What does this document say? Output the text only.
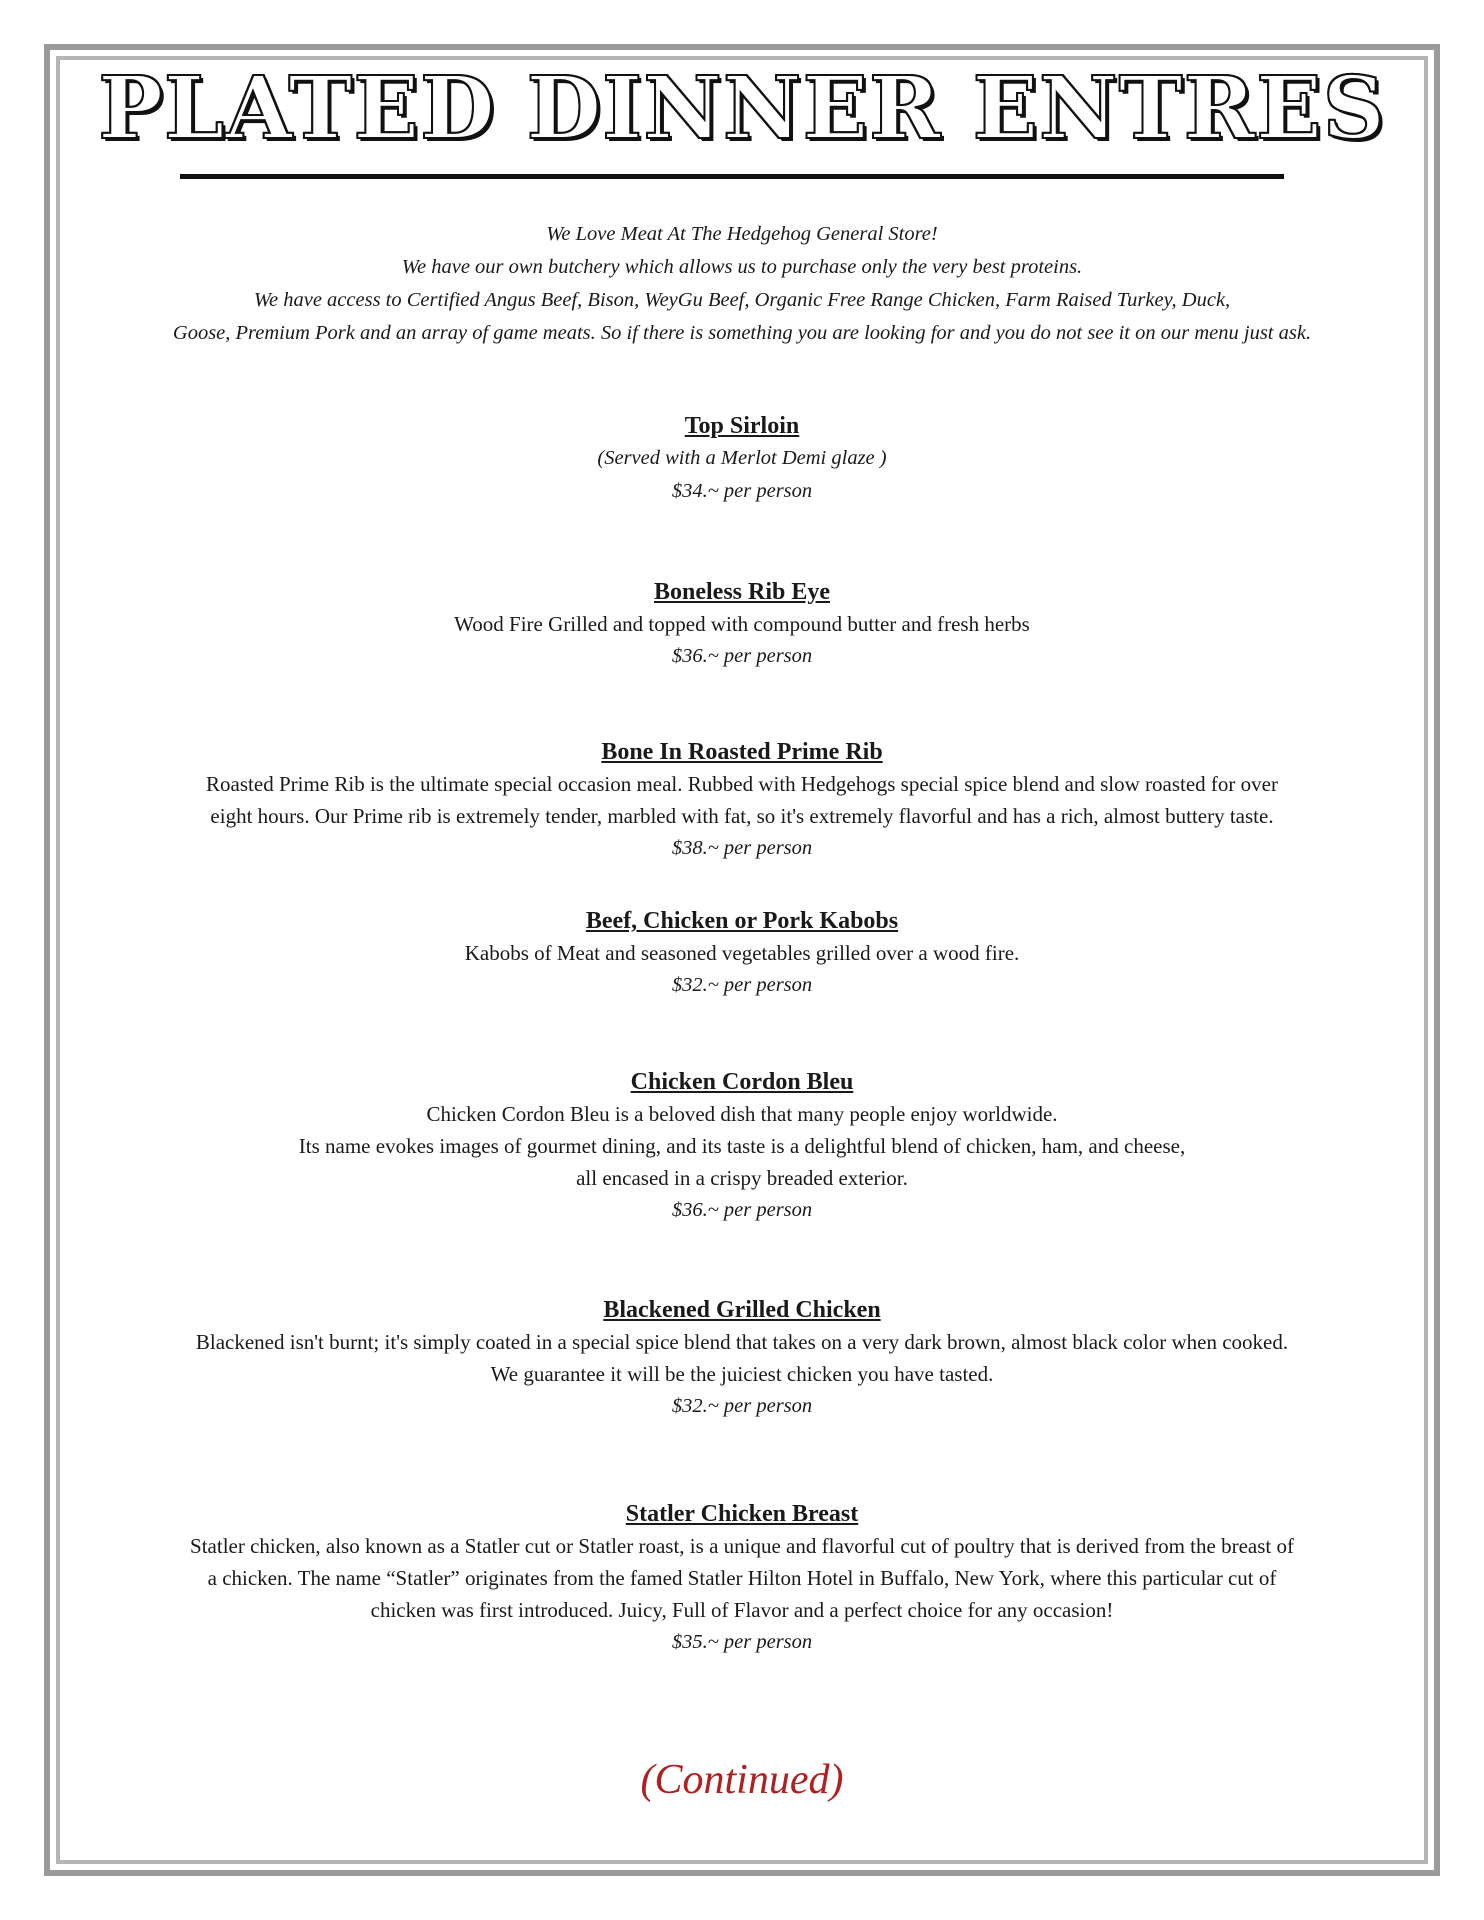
PLATED DINNER ENTRES
We Love Meat At The Hedgehog General Store!
We have our own butchery which allows us to purchase only the very best proteins.
We have access to Certified Angus Beef, Bison, WeyGu Beef, Organic Free Range Chicken, Farm Raised Turkey, Duck,
Goose, Premium Pork and an array of game meats. So if there is something you are looking for and you do not see it on our menu just ask.
Top Sirloin
(Served with a Merlot Demi glaze )
$34.~ per person
Boneless Rib Eye
Wood Fire Grilled and topped with compound butter and fresh herbs
$36.~ per person
Bone In Roasted Prime Rib
Roasted Prime Rib is the ultimate special occasion meal. Rubbed with Hedgehogs special spice blend and slow roasted for over
eight hours. Our Prime rib is extremely tender, marbled with fat, so it's extremely flavorful and has a rich, almost buttery taste.
$38.~ per person
Beef, Chicken or Pork Kabobs
Kabobs of Meat and seasoned vegetables grilled over a wood fire.
$32.~ per person
Chicken Cordon Bleu
Chicken Cordon Bleu is a beloved dish that many people enjoy worldwide.
Its name evokes images of gourmet dining, and its taste is a delightful blend of chicken, ham, and cheese,
all encased in a crispy breaded exterior.
$36.~ per person
Blackened Grilled Chicken
Blackened isn't burnt; it's simply coated in a special spice blend that takes on a very dark brown, almost black color when cooked.
We guarantee it will be the juiciest chicken you have tasted.
$32.~ per person
Statler Chicken Breast
Statler chicken, also known as a Statler cut or Statler roast, is a unique and flavorful cut of poultry that is derived from the breast of
a chicken. The name “Statler” originates from the famed Statler Hilton Hotel in Buffalo, New York, where this particular cut of
chicken was first introduced. Juicy, Full of Flavor and a perfect choice for any occasion!
$35.~ per person
(Continued)
